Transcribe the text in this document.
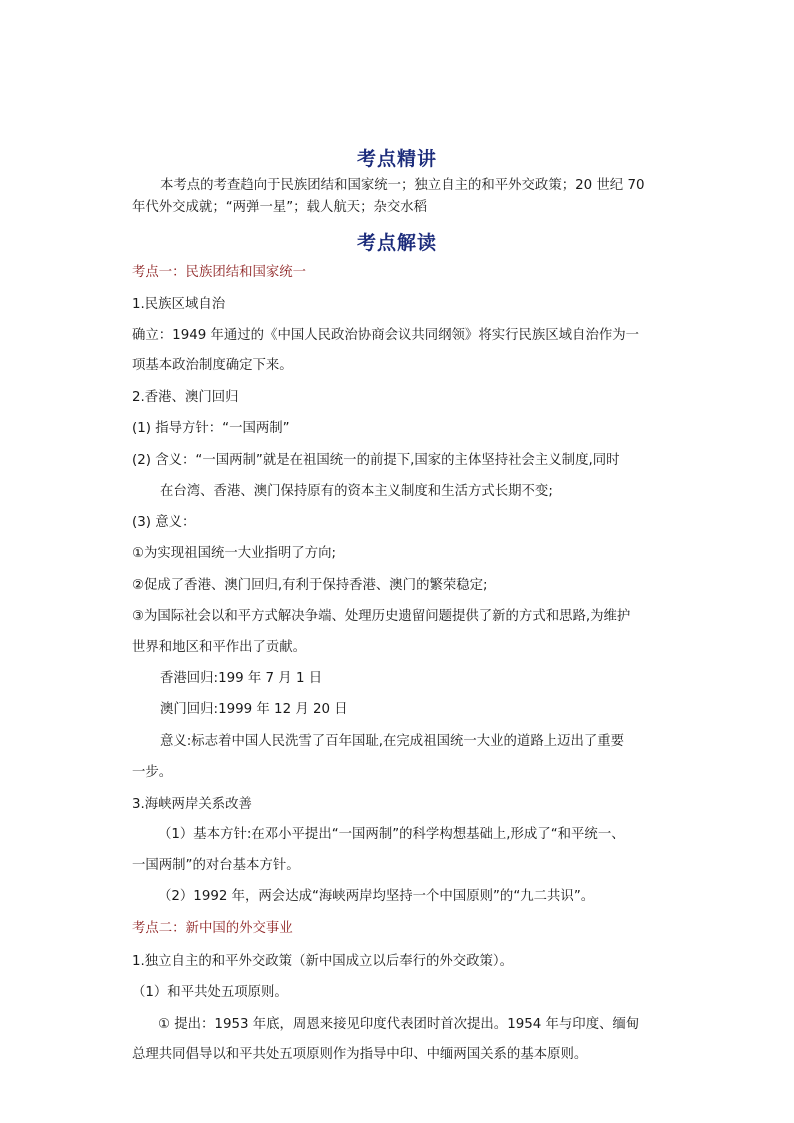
考点精讲
本考点的考查趋向于民族团结和国家统一；独立自主的和平外交政策；20 世纪 70
年代外交成就；“两弹一星”；载人航天；杂交水稻
考点解读
考点一：民族团结和国家统一
1.民族区域自治
确立：1949 年通过的《中国人民政治协商会议共同纲领》将实行民族区域自治作为一
项基本政治制度确定下来。
2.香港、澳门回归
(1) 指导方针：“一国两制”
(2) 含义：“一国两制”就是在祖国统一的前提下,国家的主体坚持社会主义制度,同时
在台湾、香港、澳门保持原有的资本主义制度和生活方式长期不变;
(3) 意义：
①为实现祖国统一大业指明了方向;
②促成了香港、澳门回归,有利于保持香港、澳门的繁荣稳定;
③为国际社会以和平方式解决争端、处理历史遗留问题提供了新的方式和思路,为维护
世界和地区和平作出了贡献。
香港回归:199 年 7 月 1 日
澳门回归:1999 年 12 月 20 日
意义:标志着中国人民洗雪了百年国耻,在完成祖国统一大业的道路上迈出了重要
一步。
3.海峡两岸关系改善
（1）基本方针:在邓小平提出“一国两制”的科学构想基础上,形成了“和平统一、
一国两制”的对台基本方针。
（2）1992 年，两会达成“海峡两岸均坚持一个中国原则”的“九二共识”。
考点二：新中国的外交事业
1.独立自主的和平外交政策（新中国成立以后奉行的外交政策）。
（1）和平共处五项原则。
① 提出：1953 年底，周恩来接见印度代表团时首次提出。1954 年与印度、缅甸
总理共同倡导以和平共处五项原则作为指导中印、中缅两国关系的基本原则。
